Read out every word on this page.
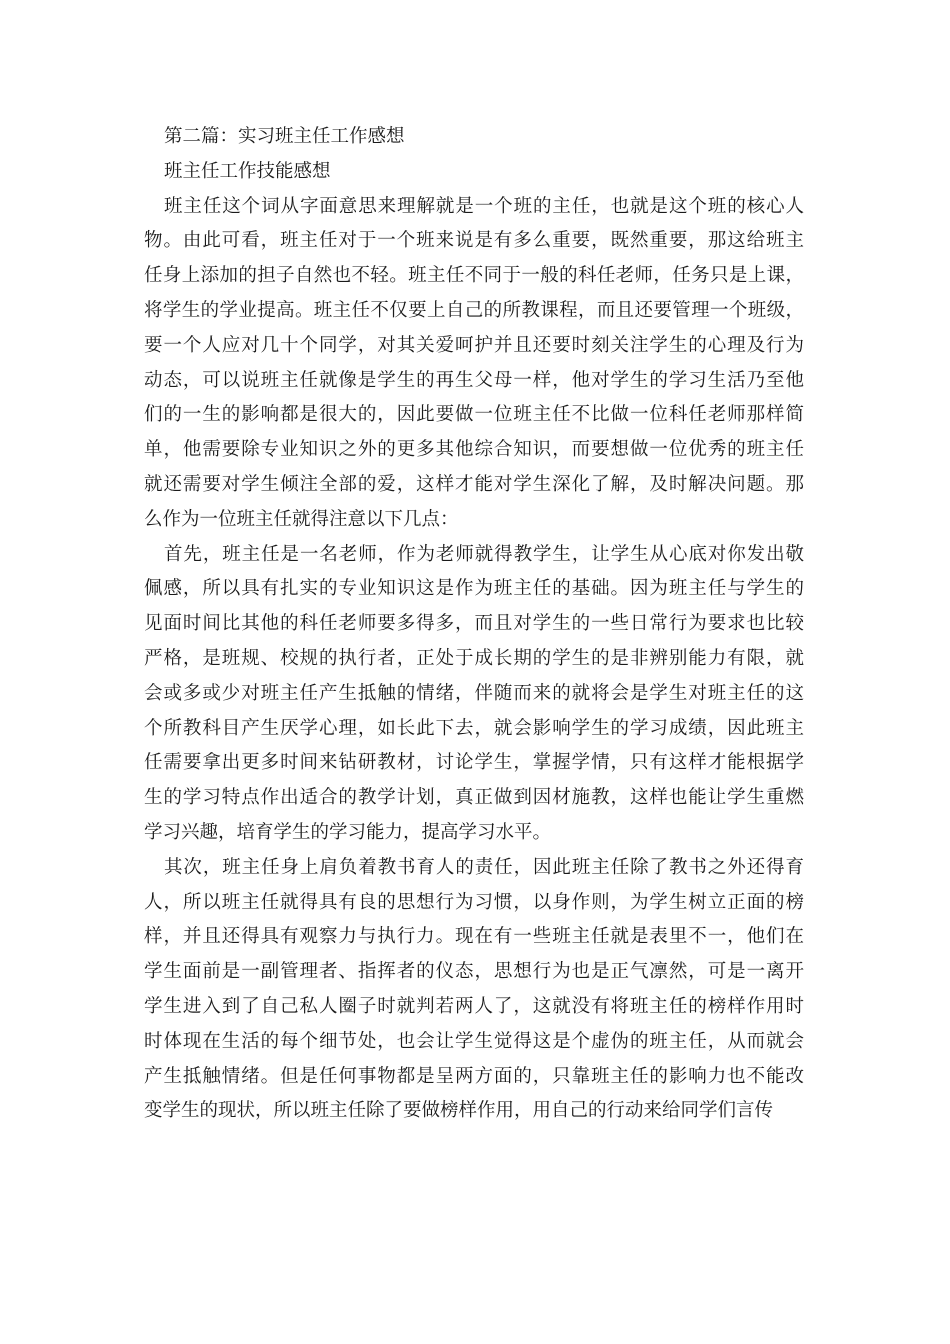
第二篇：实习班主任工作感想
班主任工作技能感想
班主任这个词从字面意思来理解就是一个班的主任，也就是这个班的核心人
物。由此可看，班主任对于一个班来说是有多么重要，既然重要，那这给班主
任身上添加的担子自然也不轻。班主任不同于一般的科任老师，任务只是上课，
将学生的学业提高。班主任不仅要上自己的所教课程，而且还要管理一个班级，
要一个人应对几十个同学，对其关爱呵护并且还要时刻关注学生的心理及行为
动态，可以说班主任就像是学生的再生父母一样，他对学生的学习生活乃至他
们的一生的影响都是很大的，因此要做一位班主任不比做一位科任老师那样简
单，他需要除专业知识之外的更多其他综合知识，而要想做一位优秀的班主任
就还需要对学生倾注全部的爱，这样才能对学生深化了解，及时解决问题。那
么作为一位班主任就得注意以下几点：
首先，班主任是一名老师，作为老师就得教学生，让学生从心底对你发出敬
佩感，所以具有扎实的专业知识这是作为班主任的基础。因为班主任与学生的
见面时间比其他的科任老师要多得多，而且对学生的一些日常行为要求也比较
严格，是班规、校规的执行者，正处于成长期的学生的是非辨别能力有限，就
会或多或少对班主任产生抵触的情绪，伴随而来的就将会是学生对班主任的这
个所教科目产生厌学心理，如长此下去，就会影响学生的学习成绩，因此班主
任需要拿出更多时间来钻研教材，讨论学生，掌握学情，只有这样才能根据学
生的学习特点作出适合的教学计划，真正做到因材施教，这样也能让学生重燃
学习兴趣，培育学生的学习能力，提高学习水平。
其次，班主任身上肩负着教书育人的责任，因此班主任除了教书之外还得育
人，所以班主任就得具有良的思想行为习惯，以身作则，为学生树立正面的榜
样，并且还得具有观察力与执行力。现在有一些班主任就是表里不一，他们在
学生面前是一副管理者、指挥者的仪态，思想行为也是正气凛然，可是一离开
学生进入到了自己私人圈子时就判若两人了，这就没有将班主任的榜样作用时
时体现在生活的每个细节处，也会让学生觉得这是个虚伪的班主任，从而就会
产生抵触情绪。但是任何事物都是呈两方面的，只靠班主任的影响力也不能改
变学生的现状，所以班主任除了要做榜样作用，用自己的行动来给同学们言传
